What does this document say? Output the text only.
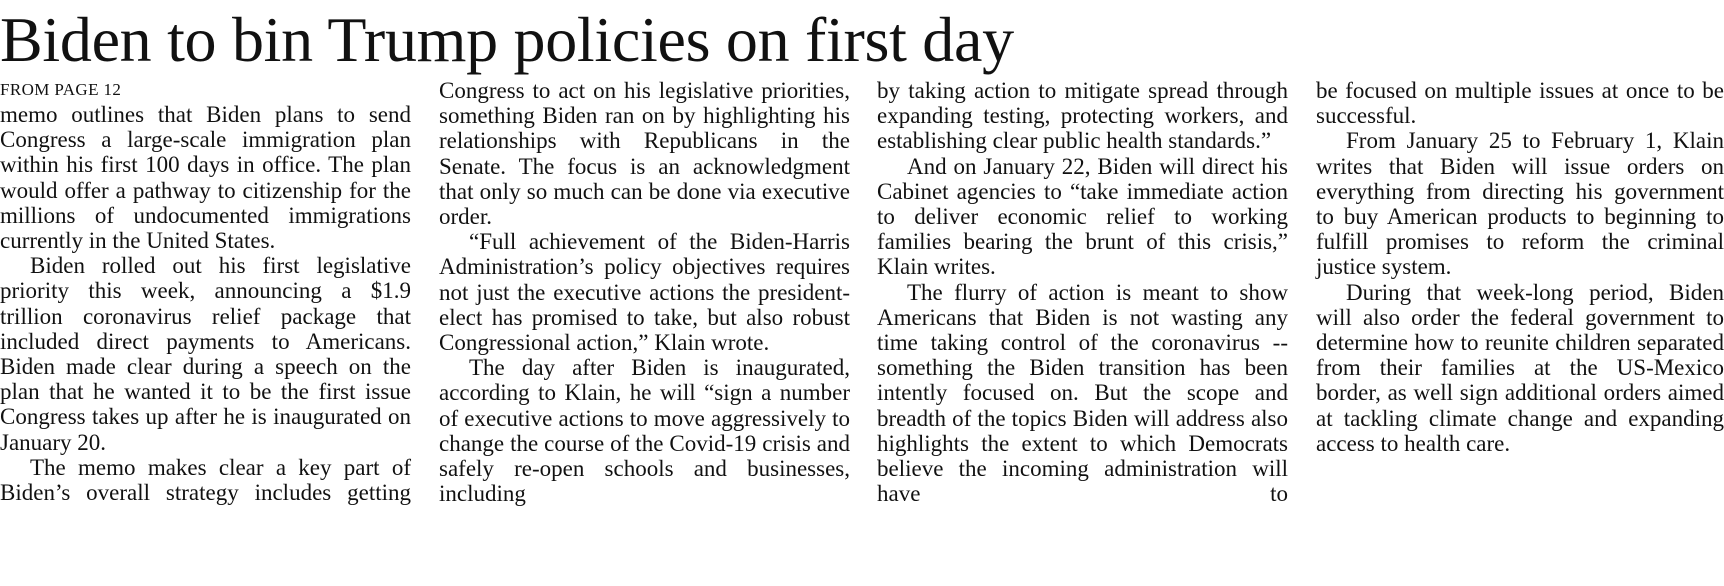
Biden to bin Trump policies on first day
FROM PAGE 12

memo outlines that Biden plans to send Congress a large-scale immigration plan within his first 100 days in office. The plan would offer a pathway to citizenship for the millions of undocumented immigrations currently in the United States.

Biden rolled out his first legislative priority this week, announcing a $1.9 trillion coronavirus relief package that included direct payments to Americans. Biden made clear during a speech on the plan that he wanted it to be the first issue Congress takes up after he is inaugurated on January 20.

The memo makes clear a key part of Biden’s overall strategy includes getting

Congress to act on his legislative priorities, something Biden ran on by highlighting his relationships with Republicans in the Senate. The focus is an acknowledgment that only so much can be done via executive order.

“Full achievement of the Biden-Harris Administration’s policy objectives requires not just the executive actions the president-elect has promised to take, but also robust Congressional action,” Klain wrote.

The day after Biden is inaugurated, according to Klain, he will “sign a number of executive actions to move aggressively to change the course of the Covid-19 crisis and safely re-open schools and businesses, including

by taking action to mitigate spread through expanding testing, protecting workers, and establishing clear public health standards.”

And on January 22, Biden will direct his Cabinet agencies to “take immediate action to deliver economic relief to working families bearing the brunt of this crisis,” Klain writes.

The flurry of action is meant to show Americans that Biden is not wasting any time taking control of the coronavirus -- something the Biden transition has been intently focused on. But the scope and breadth of the topics Biden will address also highlights the extent to which Democrats believe the incoming administration will have to

be focused on multiple issues at once to be successful.

From January 25 to February 1, Klain writes that Biden will issue orders on everything from directing his government to buy American products to beginning to fulfill promises to reform the criminal justice system.

During that week-long period, Biden will also order the federal government to determine how to reunite children separated from their families at the US-Mexico border, as well sign additional orders aimed at tackling climate change and expanding access to health care.
